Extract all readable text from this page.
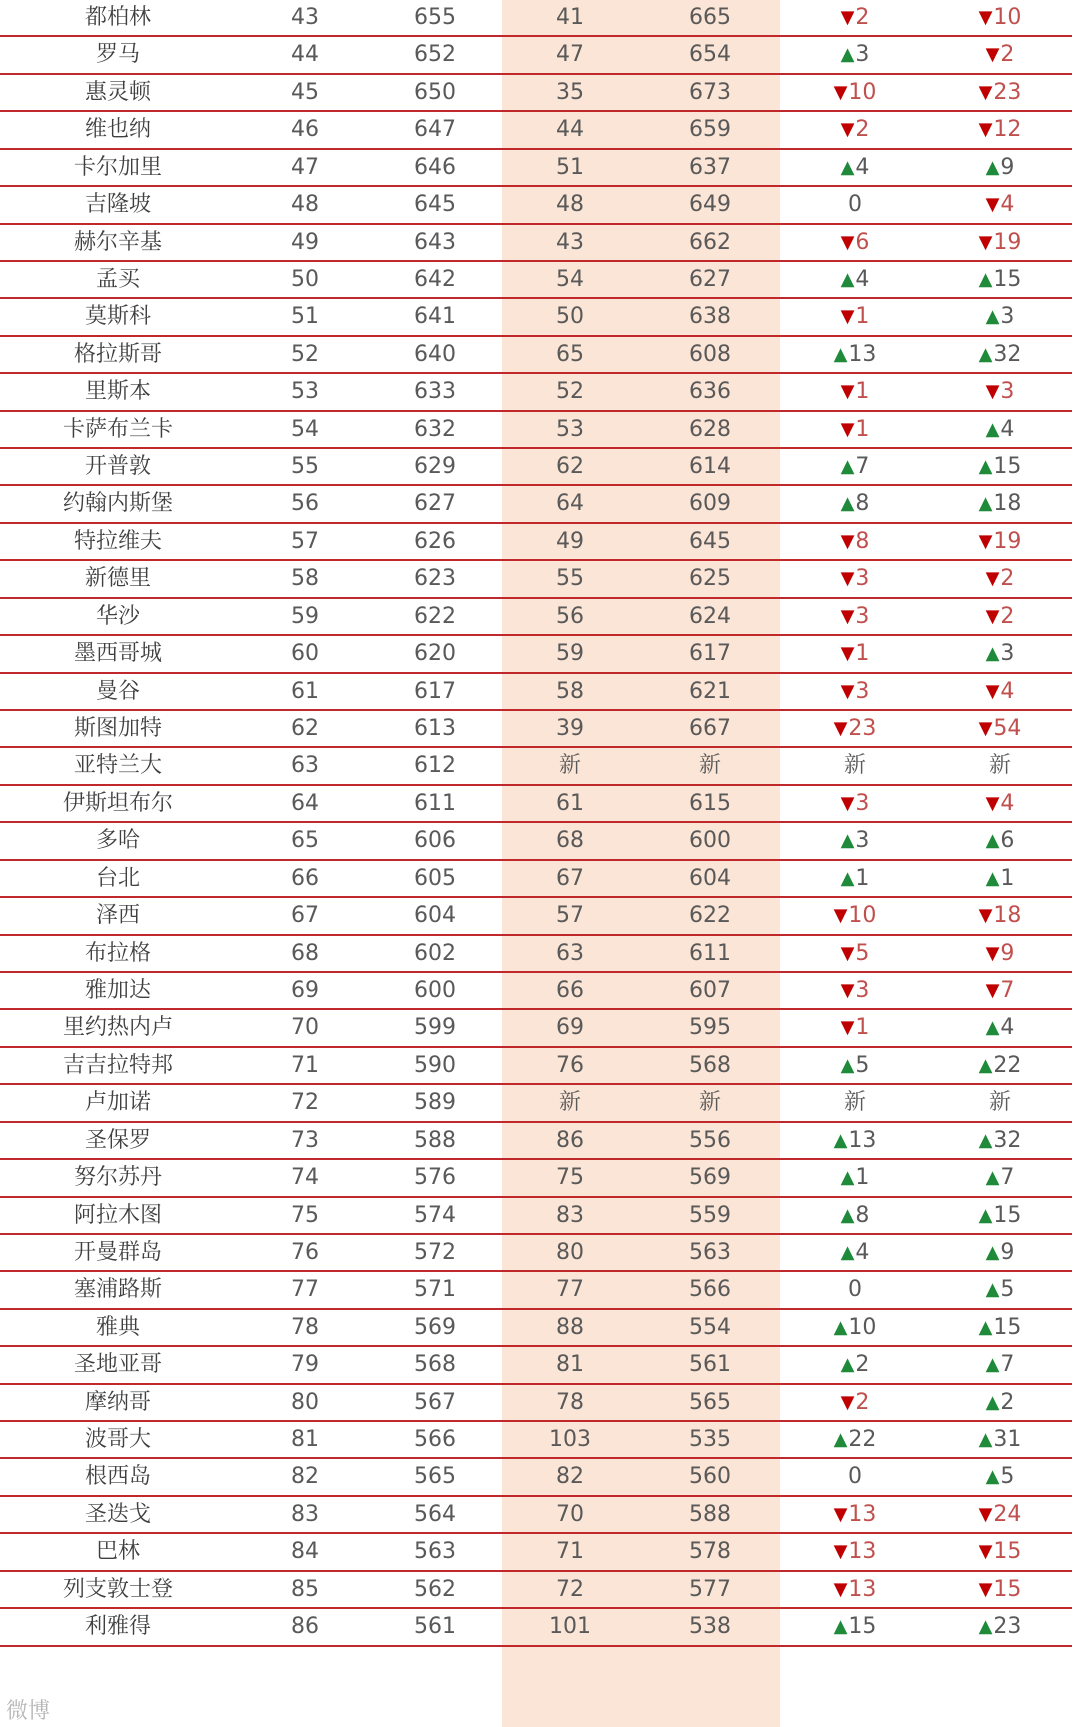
都柏林	43	655	41	665	▼2	▼10
罗马	44	652	47	654	▲3	▼2
惠灵顿	45	650	35	673	▼10	▼23
维也纳	46	647	44	659	▼2	▼12
卡尔加里	47	646	51	637	▲4	▲9
吉隆坡	48	645	48	649	0	▼4
赫尔辛基	49	643	43	662	▼6	▼19
孟买	50	642	54	627	▲4	▲15
莫斯科	51	641	50	638	▼1	▲3
格拉斯哥	52	640	65	608	▲13	▲32
里斯本	53	633	52	636	▼1	▼3
卡萨布兰卡	54	632	53	628	▼1	▲4
开普敦	55	629	62	614	▲7	▲15
约翰内斯堡	56	627	64	609	▲8	▲18
特拉维夫	57	626	49	645	▼8	▼19
新德里	58	623	55	625	▼3	▼2
华沙	59	622	56	624	▼3	▼2
墨西哥城	60	620	59	617	▼1	▲3
曼谷	61	617	58	621	▼3	▼4
斯图加特	62	613	39	667	▼23	▼54
亚特兰大	63	612	新	新	新	新
伊斯坦布尔	64	611	61	615	▼3	▼4
多哈	65	606	68	600	▲3	▲6
台北	66	605	67	604	▲1	▲1
泽西	67	604	57	622	▼10	▼18
布拉格	68	602	63	611	▼5	▼9
雅加达	69	600	66	607	▼3	▼7
里约热内卢	70	599	69	595	▼1	▲4
吉吉拉特邦	71	590	76	568	▲5	▲22
卢加诺	72	589	新	新	新	新
圣保罗	73	588	86	556	▲13	▲32
努尔苏丹	74	576	75	569	▲1	▲7
阿拉木图	75	574	83	559	▲8	▲15
开曼群岛	76	572	80	563	▲4	▲9
塞浦路斯	77	571	77	566	0	▲5
雅典	78	569	88	554	▲10	▲15
圣地亚哥	79	568	81	561	▲2	▲7
摩纳哥	80	567	78	565	▼2	▲2
波哥大	81	566	103	535	▲22	▲31
根西岛	82	565	82	560	0	▲5
圣迭戈	83	564	70	588	▼13	▼24
巴林	84	563	71	578	▼13	▼15
列支敦士登	85	562	72	577	▼13	▼15
利雅得	86	561	101	538	▲15	▲23
微博
